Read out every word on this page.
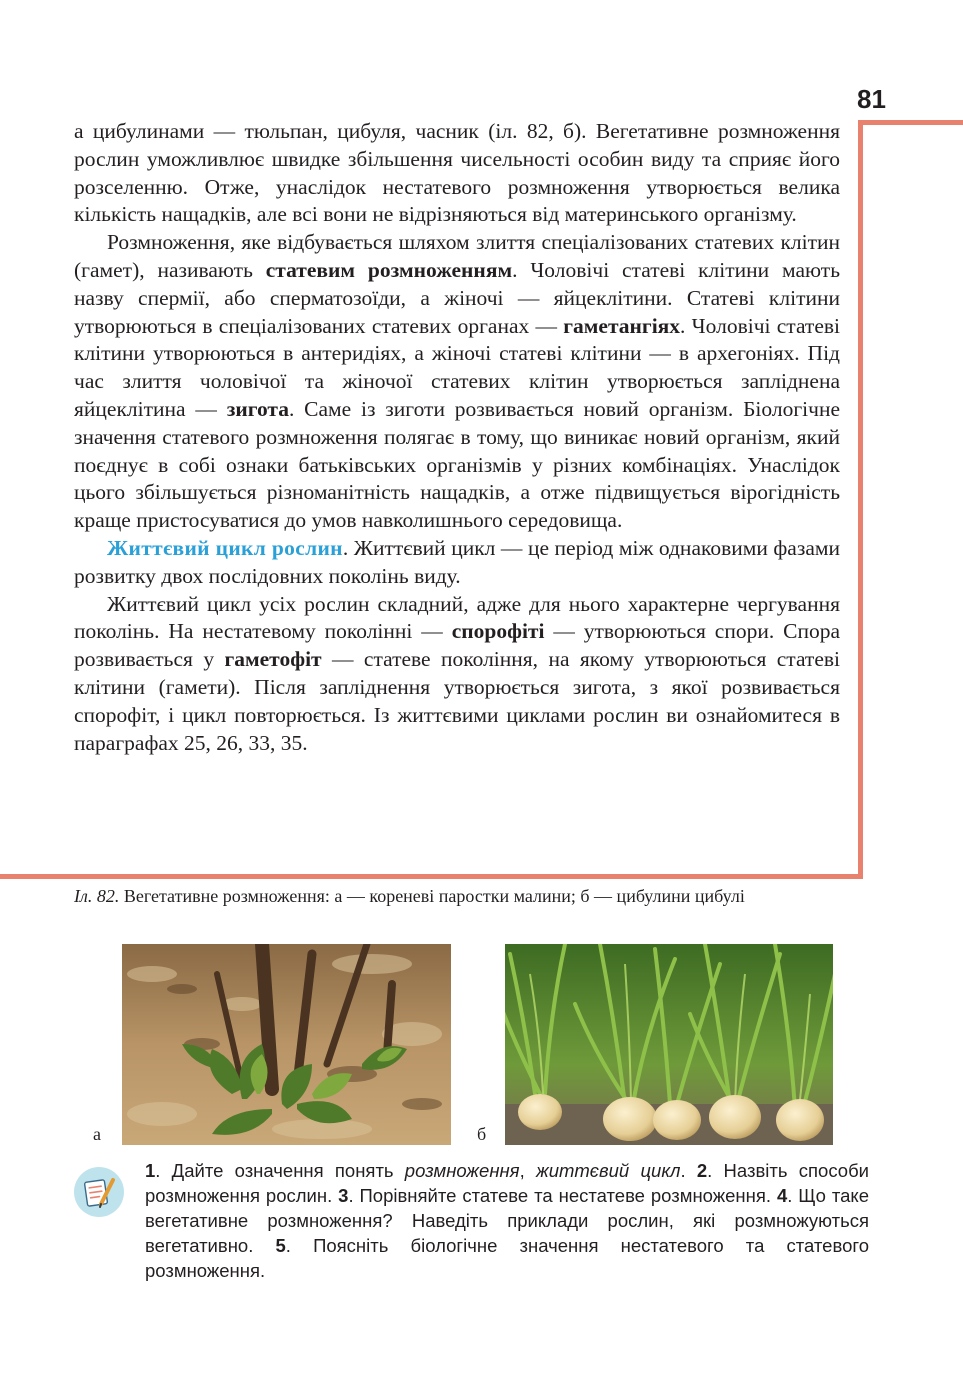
81

а цибулинами — тюльпан, цибуля, часник (іл. 82, б). Вегетативне розмноження рослин уможливлює швидке збільшення чисельності особин виду та сприяє його розселенню. Отже, унаслідок нестатевого розмноження утворюється велика кількість нащадків, але всі вони не відрізняються від материнського організму.

Розмноження, яке відбувається шляхом злиття спеціалізованих статевих клітин (гамет), називають статевим розмноженням. Чоловічі статеві клітини мають назву спермії, або сперматозоїди, а жіночі — яйцеклітини. Статеві клітини утворюються в спеціалізованих статевих органах — гаметангіях. Чоловічі статеві клітини утворюються в антеридіях, а жіночі статеві клітини — в архегоніях. Під час злиття чоловічої та жіночої статевих клітин утворюється запліднена яйцеклітина — зигота. Саме із зиготи розвивається новий організм. Біологічне значення статевого розмноження полягає в тому, що виникає новий організм, який поєднує в собі ознаки батьківських організмів у різних комбінаціях. Унаслідок цього збільшується різноманітність нащадків, а отже підвищується вірогідність краще пристосуватися до умов навколишнього середовища.

Життєвий цикл рослин. Життєвий цикл — це період між однаковими фазами розвитку двох послідовних поколінь виду.

Життєвий цикл усіх рослин складний, адже для нього характерне чергування поколінь. На нестатевому поколінні — спорофіті — утворюються спори. Спора розвивається у гаметофіт — статеве покоління, на якому утворюються статеві клітини (гамети). Після запліднення утворюється зигота, з якої розвивається спорофіт, і цикл повторюється. Із життєвими циклами рослин ви ознайомитеся в параграфах 25, 26, 33, 35.

Іл. 82. Вегетативне розмноження: а — кореневі паростки малини; б — цибулини цибулі
а	б
1. Дайте означення понять розмноження, життєвий цикл. 2. Назвіть способи розмноження рослин. 3. Порівняйте статеве та нестатеве розмноження. 4. Що таке вегетативне розмноження? Наведіть приклади рослин, які розмножуються вегетативно. 5. Поясніть біологічне значення нестатевого та статевого розмноження.
